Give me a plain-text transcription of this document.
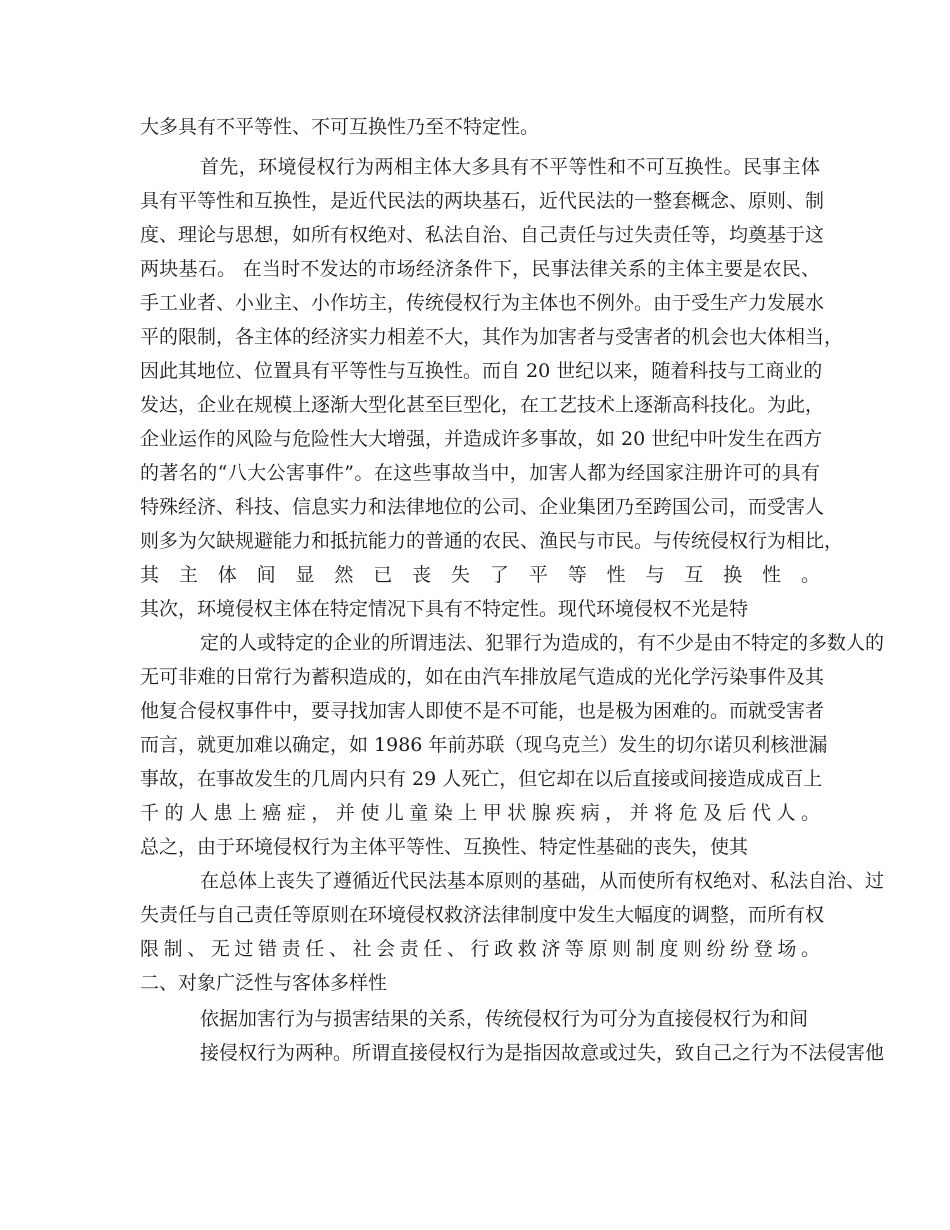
大多具有不平等性、不可互换性乃至不特定性。
首先，环境侵权行为两相主体大多具有不平等性和不可互换性。民事主体
具有平等性和互换性，是近代民法的两块基石，近代民法的一整套概念、原则、制
度、理论与思想，如所有权绝对、私法自治、自己责任与过失责任等，均奠基于这
两块基石。 在当时不发达的市场经济条件下，民事法律关系的主体主要是农民、
手工业者、小业主、小作坊主，传统侵权行为主体也不例外。由于受生产力发展水
平的限制，各主体的经济实力相差不大，其作为加害者与受害者的机会也大体相当，
因此其地位、位置具有平等性与互换性。而自 20 世纪以来，随着科技与工商业的
发达，企业在规模上逐渐大型化甚至巨型化，在工艺技术上逐渐高科技化。为此，
企业运作的风险与危险性大大增强，并造成许多事故，如 20 世纪中叶发生在西方
的著名的“八大公害事件”。在这些事故当中，加害人都为经国家注册许可的具有
特殊经济、科技、信息实力和法律地位的公司、企业集团乃至跨国公司，而受害人
则多为欠缺规避能力和抵抗能力的普通的农民、渔民与市民。与传统侵权行为相比，
其主体间显然已丧失了平等性与互换性。
其次，环境侵权主体在特定情况下具有不特定性。现代环境侵权不光是特
定的人或特定的企业的所谓违法、犯罪行为造成的，有不少是由不特定的多数人的
无可非难的日常行为蓄积造成的，如在由汽车排放尾气造成的光化学污染事件及其
他复合侵权事件中，要寻找加害人即使不是不可能，也是极为困难的。而就受害者
而言，就更加难以确定，如 1986 年前苏联（现乌克兰）发生的切尔诺贝利核泄漏
事故，在事故发生的几周内只有 29 人死亡，但它却在以后直接或间接造成成百上
千的人患上癌症，并使儿童染上甲状腺疾病，并将危及后代人。
总之，由于环境侵权行为主体平等性、互换性、特定性基础的丧失，使其
在总体上丧失了遵循近代民法基本原则的基础，从而使所有权绝对、私法自治、过
失责任与自己责任等原则在环境侵权救济法律制度中发生大幅度的调整，而所有权
限制、无过错责任、社会责任、行政救济等原则制度则纷纷登场。
二、对象广泛性与客体多样性
依据加害行为与损害结果的关系，传统侵权行为可分为直接侵权行为和间
接侵权行为两种。所谓直接侵权行为是指因故意或过失，致自己之行为不法侵害他
